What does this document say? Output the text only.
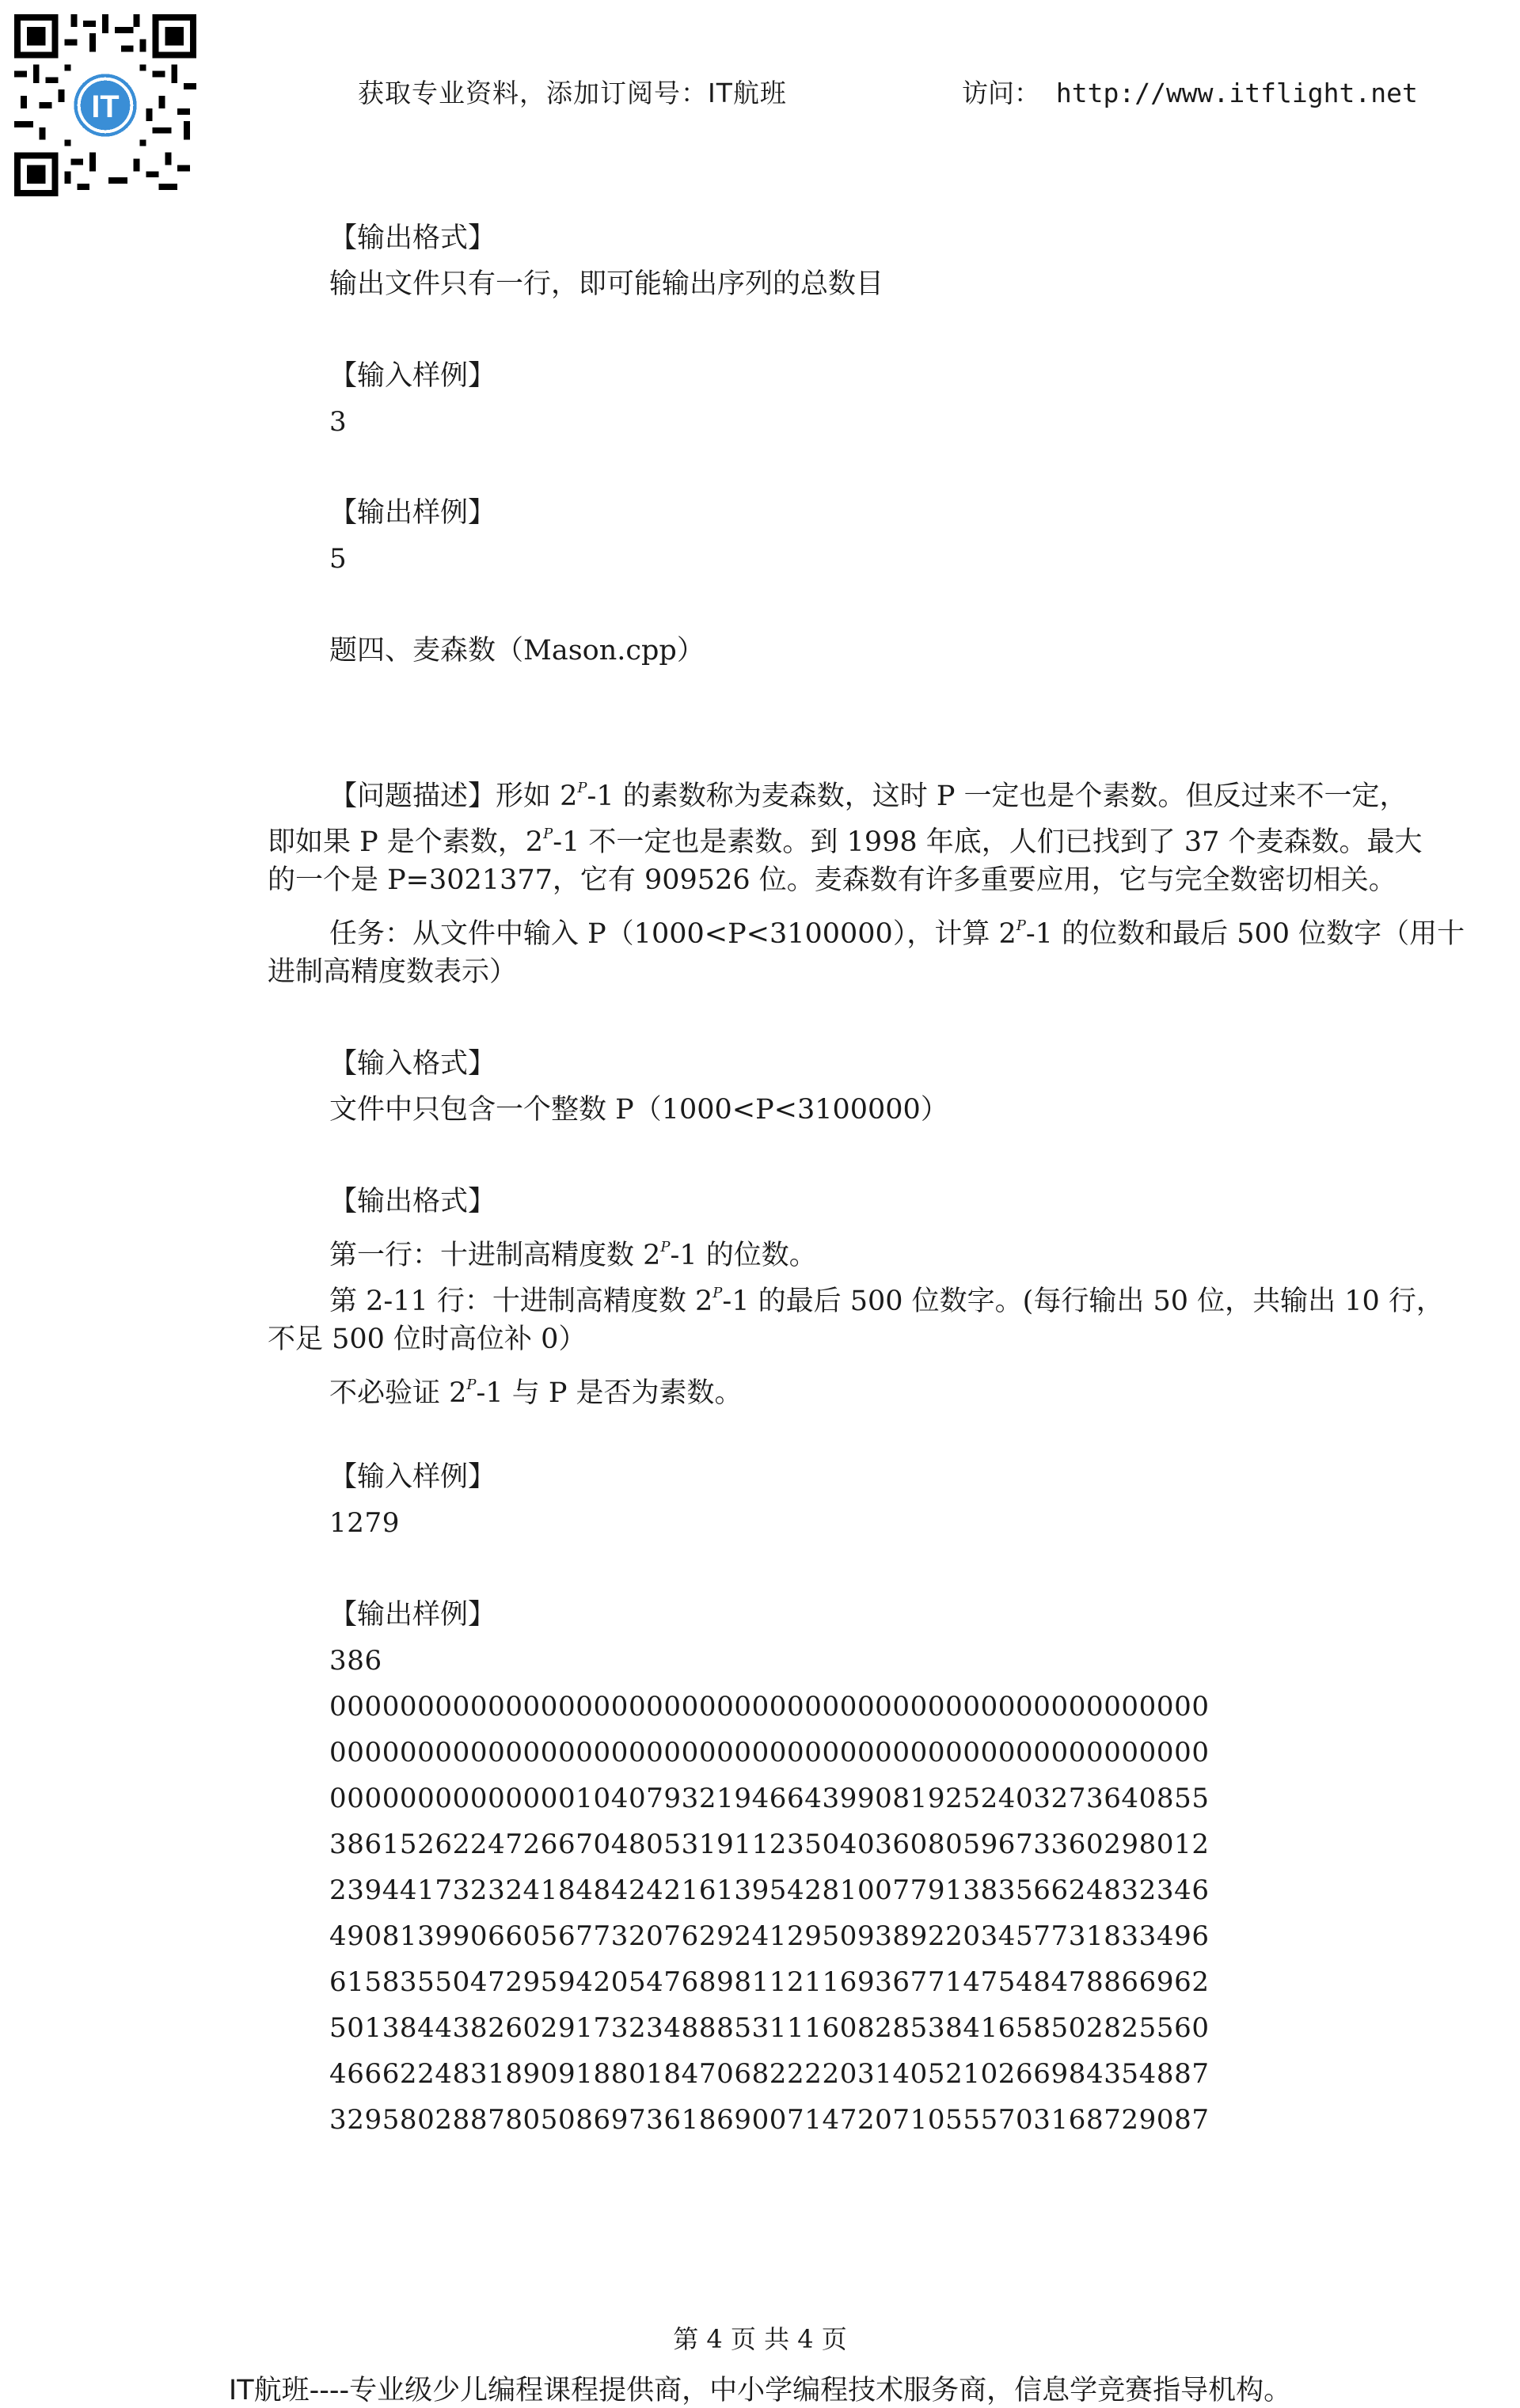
IT	获取专业资料，添加订阅号：IT航班	访问： http://www.itflight.net
【输出格式】
输出文件只有一行，即可能输出序列的总数目
【输入样例】
3
【输出样例】
5
题四、麦森数（Mason.cpp）
【问题描述】形如 $2^P-1$ 的素数称为麦森数，这时 P 一定也是个素数。但反过来不一定，
即如果 P 是个素数，$2^P-1$ 不一定也是素数。到 1998 年底，人们已找到了 37 个麦森数。最大
的一个是 P=3021377，它有 909526 位。麦森数有许多重要应用，它与完全数密切相关。
任务：从文件中输入 P（1000<P<3100000），计算 $2^P-1$ 的位数和最后 500 位数字（用十
进制高精度数表示）
【输入格式】
文件中只包含一个整数 P（1000<P<3100000）
【输出格式】
第一行：十进制高精度数 $2^P-1$ 的位数。
第 2-11 行：十进制高精度数 $2^P-1$ 的最后 500 位数字。(每行输出 50 位，共输出 10 行，
不足 500 位时高位补 0）
不必验证 $2^P-1$ 与 P 是否为素数。
【输入样例】
1279
【输出样例】
386
00000000000000000000000000000000000000000000000000
00000000000000000000000000000000000000000000000000
00000000000000104079321946643990819252403273640855
38615262247266704805319112350403608059673360298012
23944173232418484242161395428100779138356624832346
49081399066056773207629241295093892203457731833496
61583550472959420547689811211693677147548478866962
50138443826029173234888531116082853841658502825560
46662248318909188018470682222031405210266984354887
32958028878050869736186900714720710555703168729087
第 4 页 共 4 页
IT航班----专业级少儿编程课程提供商，中小学编程技术服务商，信息学竞赛指导机构。
